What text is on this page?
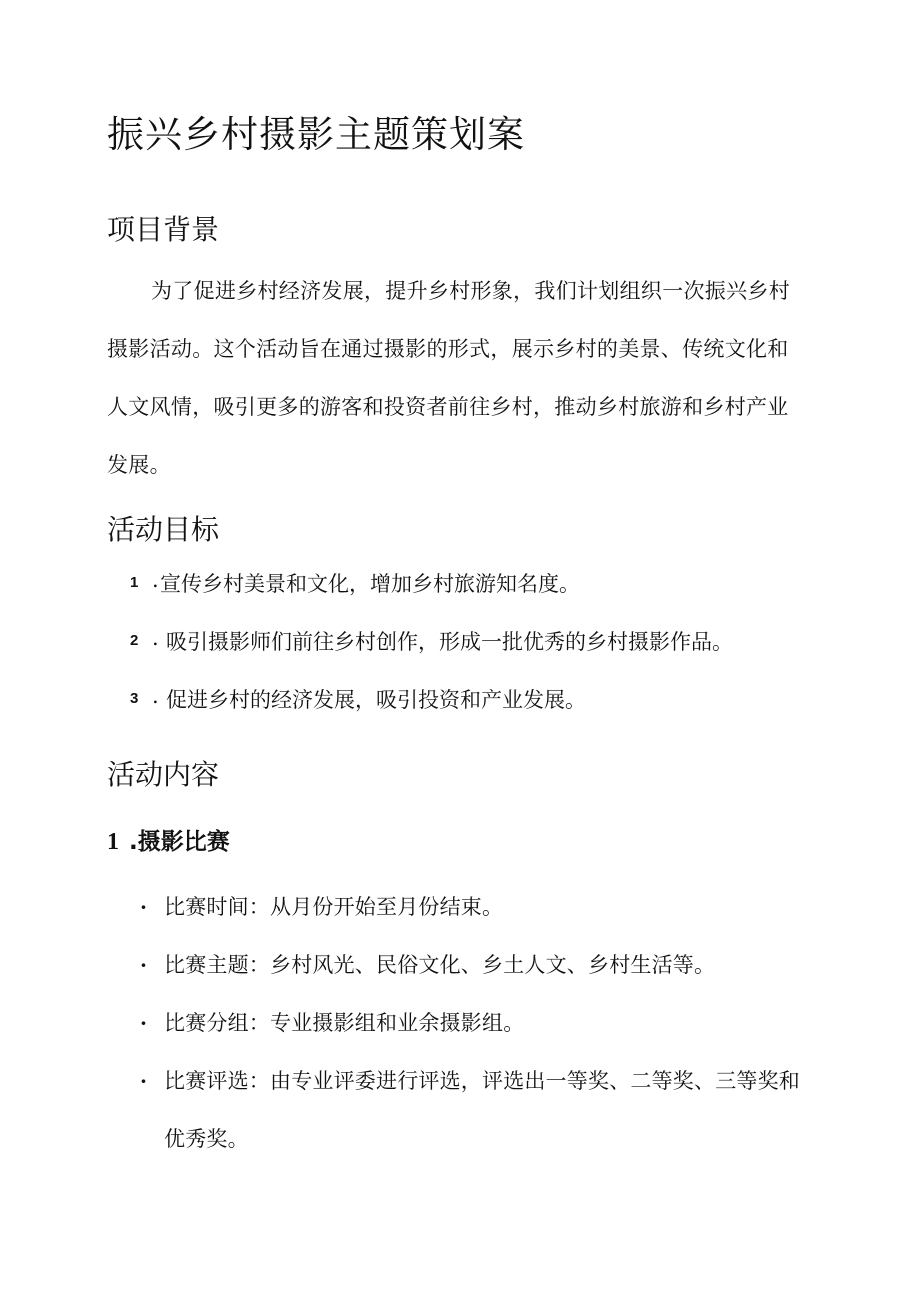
振兴乡村摄影主题策划案
项目背景

为了促进乡村经济发展，提升乡村形象，我们计划组织一次振兴乡村摄影活动。这个活动旨在通过摄影的形式，展示乡村的美景、传统文化和人文风情，吸引更多的游客和投资者前往乡村，推动乡村旅游和乡村产业发展。

活动目标
1 . 宣传乡村美景和文化，增加乡村旅游知名度。
2 . 吸引摄影师们前往乡村创作，形成一批优秀的乡村摄影作品。
3 . 促进乡村的经济发展，吸引投资和产业发展。
活动内容
1 .摄影比赛
· 比赛时间：从月份开始至月份结束。
· 比赛主题：乡村风光、民俗文化、乡土人文、乡村生活等。
· 比赛分组：专业摄影组和业余摄影组。
· 比赛评选：由专业评委进行评选，评选出一等奖、二等奖、三等奖和优秀奖。
